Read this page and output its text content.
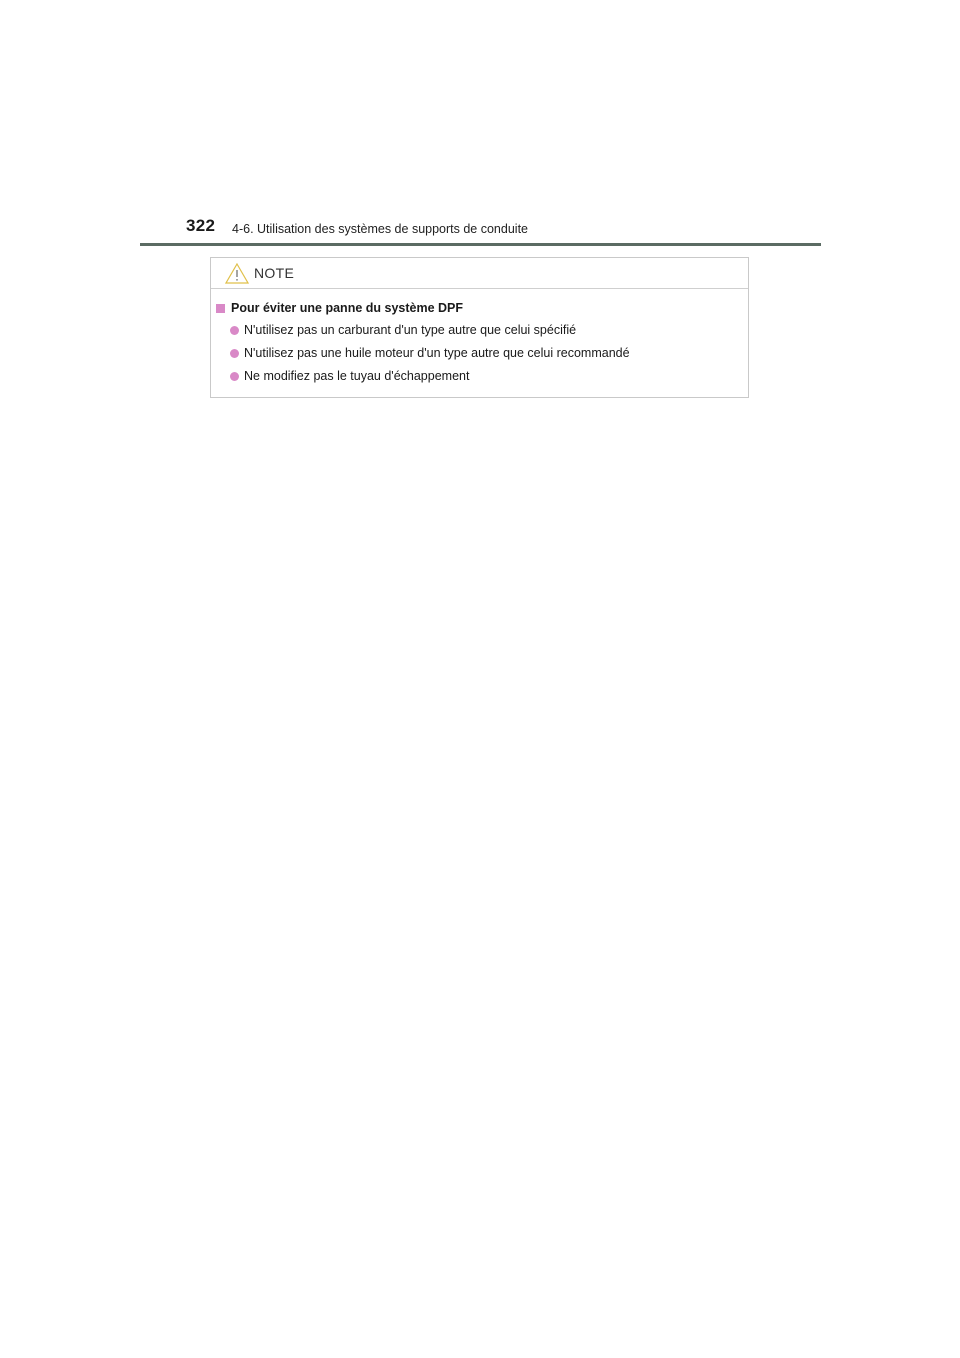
322 4-6. Utilisation des systèmes de supports de conduite
NOTE
Pour éviter une panne du système DPF
N'utilisez pas un carburant d'un type autre que celui spécifié
N'utilisez pas une huile moteur d'un type autre que celui recommandé
Ne modifiez pas le tuyau d'échappement
